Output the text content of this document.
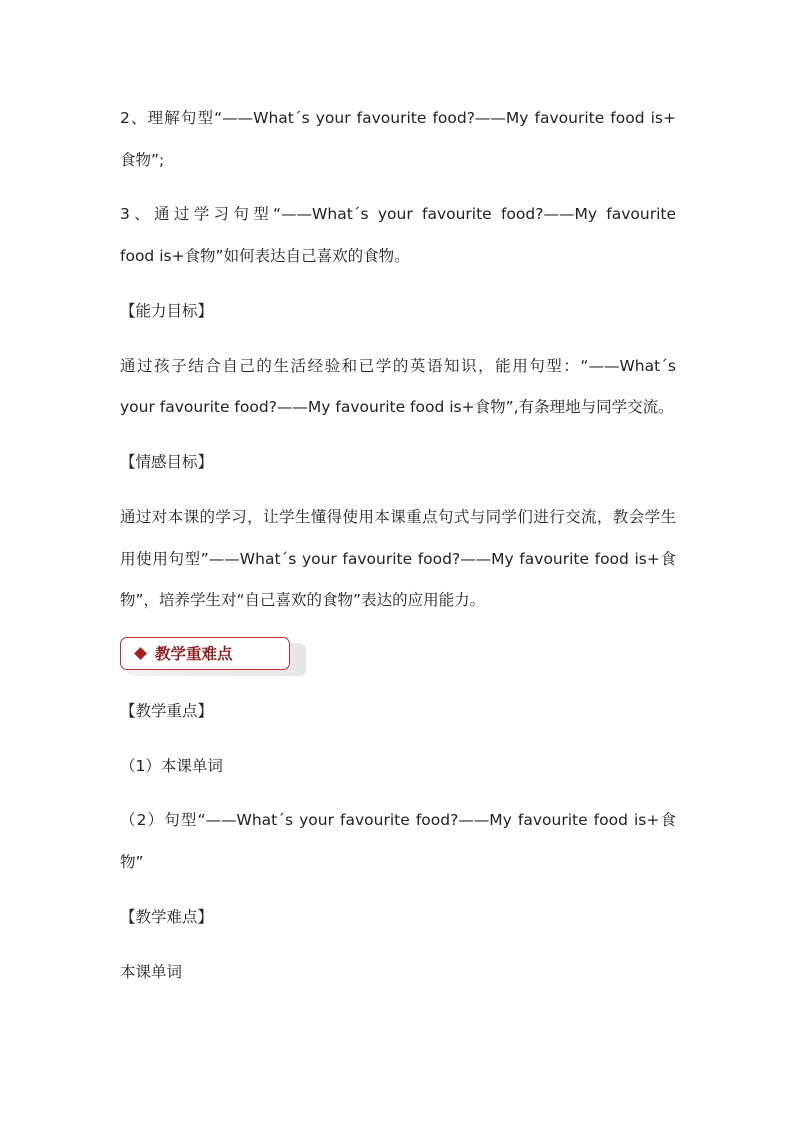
2、理解句型“——What´s your favourite food?——My favourite food is+
食物”;
3、通过学习句型“——What´s your favourite food?——My favourite
food is+食物”如何表达自己喜欢的食物。
【能力目标】
通过孩子结合自己的生活经验和已学的英语知识，能用句型：“——What´s
your favourite food?——My favourite food is+食物”,有条理地与同学交流。
【情感目标】
通过对本课的学习，让学生懂得使用本课重点句式与同学们进行交流，教会学生
用使用句型”——What´s your favourite food?——My favourite food is+食
物”，培养学生对“自己喜欢的食物”表达的应用能力。
教学重难点
【教学重点】
（1）本课单词
（2）句型“——What´s your favourite food?——My favourite food is+食
物”
【教学难点】
本课单词
